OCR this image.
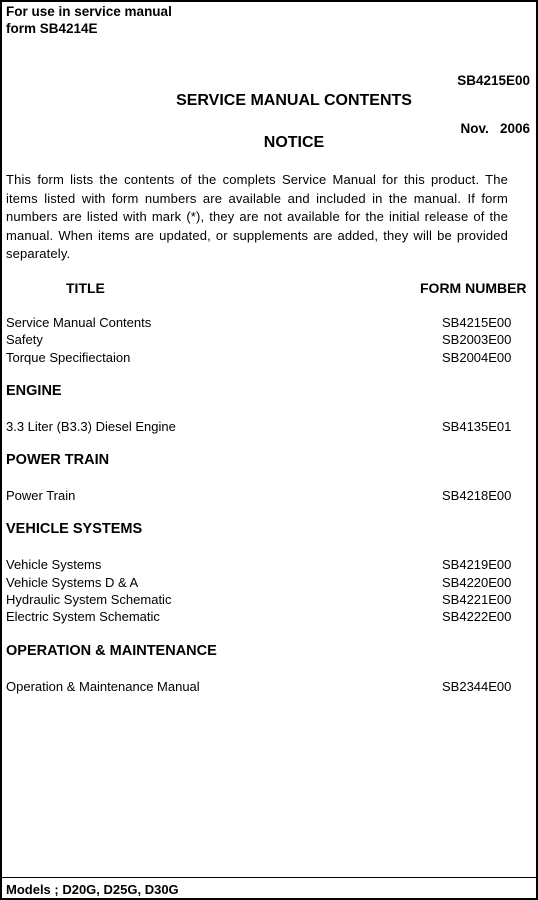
For use in service manual
form SB4214E

SB4215E00

Nov.   2006

SERVICE MANUAL CONTENTS
NOTICE
This form lists the contents of the complets Service Manual for this product. The items listed with form numbers are available and included in the manual. If form numbers are listed with mark (*), they are not available for the initial release of the manual. When items are updated, or supplements are added, they will be provided separately.
TITLE	FORM NUMBER
Service Manual Contents	SB4215E00
Safety	SB2003E00
Torque Specifiectaion	SB2004E00
ENGINE
3.3 Liter (B3.3) Diesel Engine	SB4135E01
POWER TRAIN
Power Train	SB4218E00
VEHICLE SYSTEMS
Vehicle Systems	SB4219E00
Vehicle Systems D & A	SB4220E00
Hydraulic System Schematic	SB4221E00
Electric System Schematic	SB4222E00
OPERATION & MAINTENANCE
Operation & Maintenance Manual	SB2344E00
Models ; D20G, D25G, D30G
